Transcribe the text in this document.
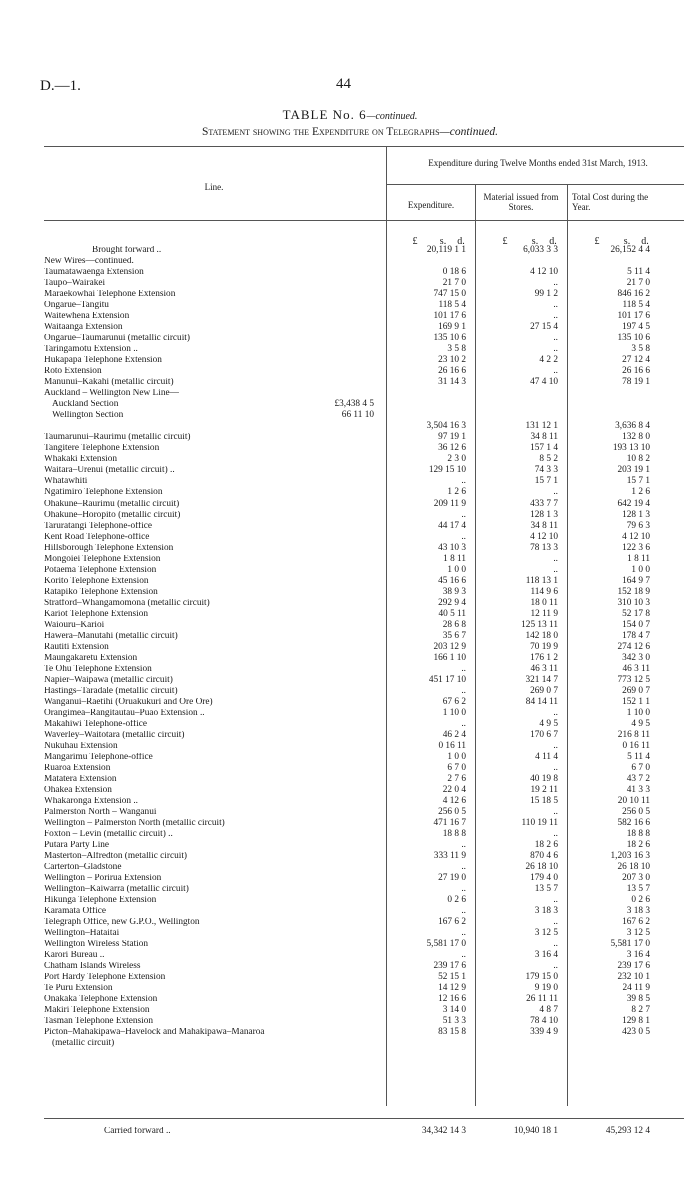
D.—1.	44
TABLE No. 6—continued.
Statement showing the Expenditure on Telegraphs—continued.
Line.
Expenditure during Twelve Months ended 31st March, 1913.
Expenditure.
Material issued from Stores.
Total Cost during the Year.
£	s.	d.	£	s.	d.	£	s.	d.
Brought forward ..	20,119 1 1	6,033 3 3	26,152 4 4
New Wires—continued.
Taumatawaenga Extension	0 18 6	4 12 10	5 11 4
Taupo–Wairakei	21 7 0	..	21 7 0
Maraekowhai Telephone Extension	747 15 0	99 1 2	846 16 2
Ongarue–Tangitu	118 5 4	..	118 5 4
Waitewhena Extension	101 17 6	..	101 17 6
Waitaanga Extension	169 9 1	27 15 4	197 4 5
Ongarue–Taumarunui (metallic circuit)	135 10 6	..	135 10 6
Taringamotu Extension ..	3 5 8	..	3 5 8
Hukapapa Telephone Extension	23 10 2	4 2 2	27 12 4
Roto Extension	26 16 6	..	26 16 6
Manunui–Kakahi (metallic circuit)	31 14 3	47 4 10	78 19 1
Auckland – Wellington New Line—
Auckland Section	£3,438 4 5
Wellington Section	66 11 10
3,504 16 3	131 12 1	3,636 8 4
Taumarunui–Raurimu (metallic circuit)	97 19 1	34 8 11	132 8 0
Tangitere Telephone Extension	36 12 6	157 1 4	193 13 10
Whakaki Extension	2 3 0	8 5 2	10 8 2
Waitara–Urenui (metallic circuit) ..	129 15 10	74 3 3	203 19 1
Whatawhiti	..	15 7 1	15 7 1
Ngatimiro Telephone Extension	1 2 6	..	1 2 6
Ohakune–Raurimu (metallic circuit)	209 11 9	433 7 7	642 19 4
Ohakune–Horopito (metallic circuit)	..	128 1 3	128 1 3
Taruratangi Telephone-office	44 17 4	34 8 11	79 6 3
Kent Road Telephone-office	..	4 12 10	4 12 10
Hillsborough Telephone Extension	43 10 3	78 13 3	122 3 6
Mongoiei Telephone Extension	1 8 11	..	1 8 11
Potaema Telephone Extension	1 0 0	..	1 0 0
Korito Telephone Extension	45 16 6	118 13 1	164 9 7
Ratapiko Telephone Extension	38 9 3	114 9 6	152 18 9
Stratford–Whangamomona (metallic circuit)	292 9 4	18 0 11	310 10 3
Kariot Telephone Extension	40 5 11	12 11 9	52 17 8
Waiouru–Karioi	28 6 8	125 13 11	154 0 7
Hawera–Manutahi (metallic circuit)	35 6 7	142 18 0	178 4 7
Rautiti Extension	203 12 9	70 19 9	274 12 6
Maungakaretu Extension	166 1 10	176 1 2	342 3 0
Te Ohu Telephone Extension	..	46 3 11	46 3 11
Napier–Waipawa (metallic circuit)	451 17 10	321 14 7	773 12 5
Hastings–Taradale (metallic circuit)	..	269 0 7	269 0 7
Wanganui–Raetihi (Oruakukuri and Ore Ore)	67 6 2	84 14 11	152 1 1
Orangimea–Rangitautau–Puao Extension ..	1 10 0	..	1 10 0
Makahiwi Telephone-office	..	4 9 5	4 9 5
Waverley–Waitotara (metallic circuit)	46 2 4	170 6 7	216 8 11
Nukuhau Extension	0 16 11	..	0 16 11
Mangarimu Telephone-office	1 0 0	4 11 4	5 11 4
Ruaroa Extension	6 7 0	..	6 7 0
Matatera Extension	2 7 6	40 19 8	43 7 2
Ohakea Extension	22 0 4	19 2 11	41 3 3
Whakaronga Extension ..	4 12 6	15 18 5	20 10 11
Palmerston North – Wanganui	256 0 5	..	256 0 5
Wellington – Palmerston North (metallic circuit)	471 16 7	110 19 11	582 16 6
Foxton – Levin (metallic circuit) ..	18 8 8	..	18 8 8
Putara Party Line	..	18 2 6	18 2 6
Masterton–Alfredton (metallic circuit)	333 11 9	870 4 6	1,203 16 3
Carterton–Gladstone	..	26 18 10	26 18 10
Wellington – Porirua Extension	27 19 0	179 4 0	207 3 0
Wellington–Kaiwarra (metallic circuit)	..	13 5 7	13 5 7
Hikunga Telephone Extension	0 2 6	..	0 2 6
Karamata Office	..	3 18 3	3 18 3
Telegraph Office, new G.P.O., Wellington	167 6 2	..	167 6 2
Wellington–Hataitai	..	3 12 5	3 12 5
Wellington Wireless Station	5,581 17 0	..	5,581 17 0
Karori Bureau ..	..	3 16 4	3 16 4
Chatham Islands Wireless	239 17 6	..	239 17 6
Port Hardy Telephone Extension	52 15 1	179 15 0	232 10 1
Te Puru Extension	14 12 9	9 19 0	24 11 9
Onakaka Telephone Extension	12 16 6	26 11 11	39 8 5
Makiri Telephone Extension	3 14 0	4 8 7	8 2 7
Tasman Telephone Extension	51 3 3	78 4 10	129 8 1
Picton–Mahakipawa–Havelock and Mahakipawa–Manaroa	83 15 8	339 4 9	423 0 5
(metallic circuit)
Carried forward ..	34,342 14 3	10,940 18 1	45,293 12 4
